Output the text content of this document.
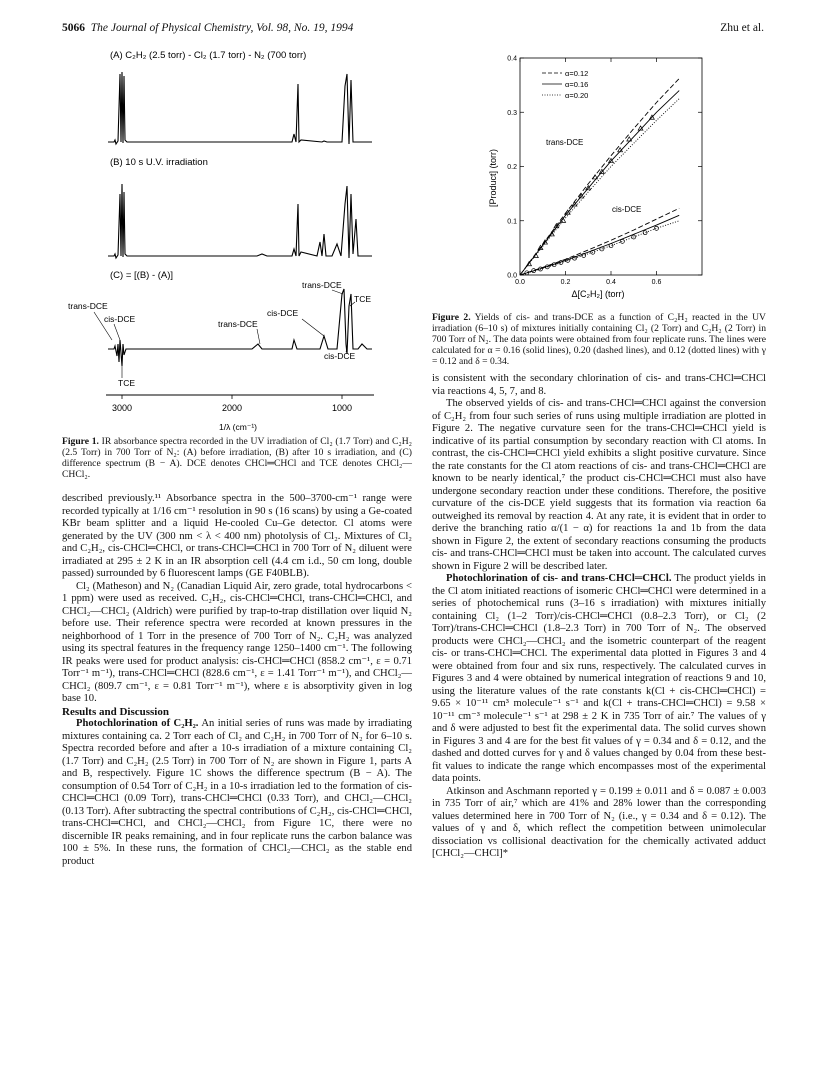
5066 The Journal of Physical Chemistry, Vol. 98, No. 19, 1994	Zhu et al.
(A) C₂H₂ (2.5 torr) - Cl₂ (1.7 torr) - N₂ (700 torr)
(B) 10 s U.V. irradiation
(C) = [(B) - (A)]
trans-DCE
cis-DCE
TCE
trans-DCE
cis-DCE
trans-DCE
TCE
cis-DCE
3000	2000	1000
1/λ (cm⁻¹)
Figure 1. IR absorbance spectra recorded in the UV irradiation of Cl₂ (1.7 Torr) and C₂H₂ (2.5 Torr) in 700 Torr of N₂: (A) before irradiation, (B) after 10 s irradiation, and (C) difference spectrum (B − A). DCE denotes CHCl═CHCl and TCE denotes CHCl₂—CHCl₂.

described previously.¹¹ Absorbance spectra in the 500–3700-cm⁻¹ range were recorded typically at 1/16 cm⁻¹ resolution in 90 s (16 scans) by using a Ge-coated KBr beam splitter and a liquid He-cooled Cu–Ge detector. Cl atoms were generated by the UV (300 nm < λ < 400 nm) photolysis of Cl₂. Mixtures of Cl₂ and C₂H₂, cis-CHCl═CHCl, or trans-CHCl═CHCl in 700 Torr of N₂ diluent were irradiated at 295 ± 2 K in an IR absorption cell (4.4 cm i.d., 50 cm long, double passed) surrounded by 6 fluorescent lamps (GE F40BLB).

Cl₂ (Matheson) and N₂ (Canadian Liquid Air, zero grade, total hydrocarbons < 1 ppm) were used as received. C₂H₂, cis-CHCl═CHCl, trans-CHCl═CHCl, and CHCl₂—CHCl₂ (Aldrich) were purified by trap-to-trap distillation over liquid N₂ before use. Their reference spectra were recorded at known pressures in the neighborhood of 1 Torr in the presence of 700 Torr of N₂. C₂H₂ was analyzed using its spectral features in the frequency range 1250–1400 cm⁻¹. The following IR peaks were used for product analysis: cis-CHCl═CHCl (858.2 cm⁻¹, ε = 0.71 Torr⁻¹ m⁻¹), trans-CHCl═CHCl (828.6 cm⁻¹, ε = 1.41 Torr⁻¹ m⁻¹), and CHCl₂—CHCl₂ (809.7 cm⁻¹, ε = 0.81 Torr⁻¹ m⁻¹), where ε is absorptivity given in log base 10.

Results and Discussion

Photochlorination of C₂H₂. An initial series of runs was made by irradiating mixtures containing ca. 2 Torr each of Cl₂ and C₂H₂ in 700 Torr of N₂ for 6–10 s. Spectra recorded before and after a 10-s irradiation of a mixture containing Cl₂ (1.7 Torr) and C₂H₂ (2.5 Torr) in 700 Torr of N₂ are shown in Figure 1, parts A and B, respectively. Figure 1C shows the difference spectrum (B − A). The consumption of 0.54 Torr of C₂H₂ in a 10-s irradiation led to the formation of cis-CHCl═CHCl (0.09 Torr), trans-CHCl═CHCl (0.33 Torr), and CHCl₂—CHCl₂ (0.13 Torr). After subtracting the spectral contributions of C₂H₂, cis-CHCl═CHCl, trans-CHCl═CHCl, and CHCl₂—CHCl₂ from Figure 1C, there were no discernible IR peaks remaining, and in four replicate runs the carbon balance was 100 ± 5%. In these runs, the formation of CHCl₂—CHCl₂ as the stable end product

[Product] (torr)
Δ[C₂H₂] (torr)
α=0.12
α=0.16
α=0.20
trans-DCE
cis-DCE
0.0	0.2	0.4	0.6
0.0
0.1
0.2
0.3
0.4
Figure 2. Yields of cis- and trans-DCE as a function of C₂H₂ reacted in the UV irradiation (6–10 s) of mixtures initially containing Cl₂ (2 Torr) and C₂H₂ (2 Torr) in 700 Torr of N₂. The data points were obtained from four replicate runs. The lines were calculated for α = 0.16 (solid lines), 0.20 (dashed lines), and 0.12 (dotted lines) with γ = 0.12 and δ = 0.34.

is consistent with the secondary chlorination of cis- and trans-CHCl═CHCl via reactions 4, 5, 7, and 8.

The observed yields of cis- and trans-CHCl═CHCl against the conversion of C₂H₂ from four such series of runs using multiple irradiation are plotted in Figure 2. The negative curvature seen for the trans-CHCl═CHCl yield is indicative of its partial consumption by secondary reaction with Cl atoms. In contrast, the cis-CHCl═CHCl yield exhibits a slight positive curvature. Since the rate constants for the Cl atom reactions of cis- and trans-CHCl═CHCl are known to be nearly identical,⁷ the product cis-CHCl═CHCl must also have undergone secondary reaction under these conditions. Therefore, the positive curvature of the cis-DCE yield suggests that its formation via reaction 6a outweighed its removal by reaction 4. At any rate, it is evident that in order to derive the branching ratio α/(1 − α) for reactions 1a and 1b from the data shown in Figure 2, the extent of secondary reactions consuming the products cis- and trans-CHCl═CHCl must be taken into account. The calculated curves shown in Figure 2 will be described later.

Photochlorination of cis- and trans-CHCl═CHCl. The product yields in the Cl atom initiated reactions of isomeric CHCl═CHCl were determined in a series of photochemical runs (3–16 s irradiation) with mixtures initially containing Cl₂ (1–2 Torr)/cis-CHCl═CHCl (0.8–2.3 Torr), or Cl₂ (2 Torr)/trans-CHCl═CHCl (1.8–2.3 Torr) in 700 Torr of N₂. The observed products were CHCl₂—CHCl₂ and the isometric counterpart of the reagent cis- or trans-CHCl═CHCl. The experimental data plotted in Figures 3 and 4 were obtained from four and six runs, respectively. The calculated curves in Figures 3 and 4 were obtained by numerical integration of reactions 9 and 10, using the literature values of the rate constants k(Cl + cis-CHCl═CHCl) = 9.65 × 10⁻¹¹ cm³ molecule⁻¹ s⁻¹ and k(Cl + trans-CHCl═CHCl) = 9.58 × 10⁻¹¹ cm⁻³ molecule⁻¹ s⁻¹ at 298 ± 2 K in 735 Torr of air.⁷ The values of γ and δ were adjusted to best fit the experimental data. The solid curves shown in Figures 3 and 4 are for the best fit values of γ = 0.34 and δ = 0.12, and the dashed and dotted curves for γ and δ values changed by 0.04 from these best-fit values to indicate the range which encompasses most of the experimental data points.

Atkinson and Aschmann reported γ = 0.199 ± 0.011 and δ = 0.087 ± 0.003 in 735 Torr of air,⁷ which are 41% and 28% lower than the corresponding values determined here in 700 Torr of N₂ (i.e., γ = 0.34 and δ = 0.12). The values of γ and δ, which reflect the competition between unimolecular dissociation vs collisional deactivation for the chemically activated adduct [CHCl₂—CHCl]*
